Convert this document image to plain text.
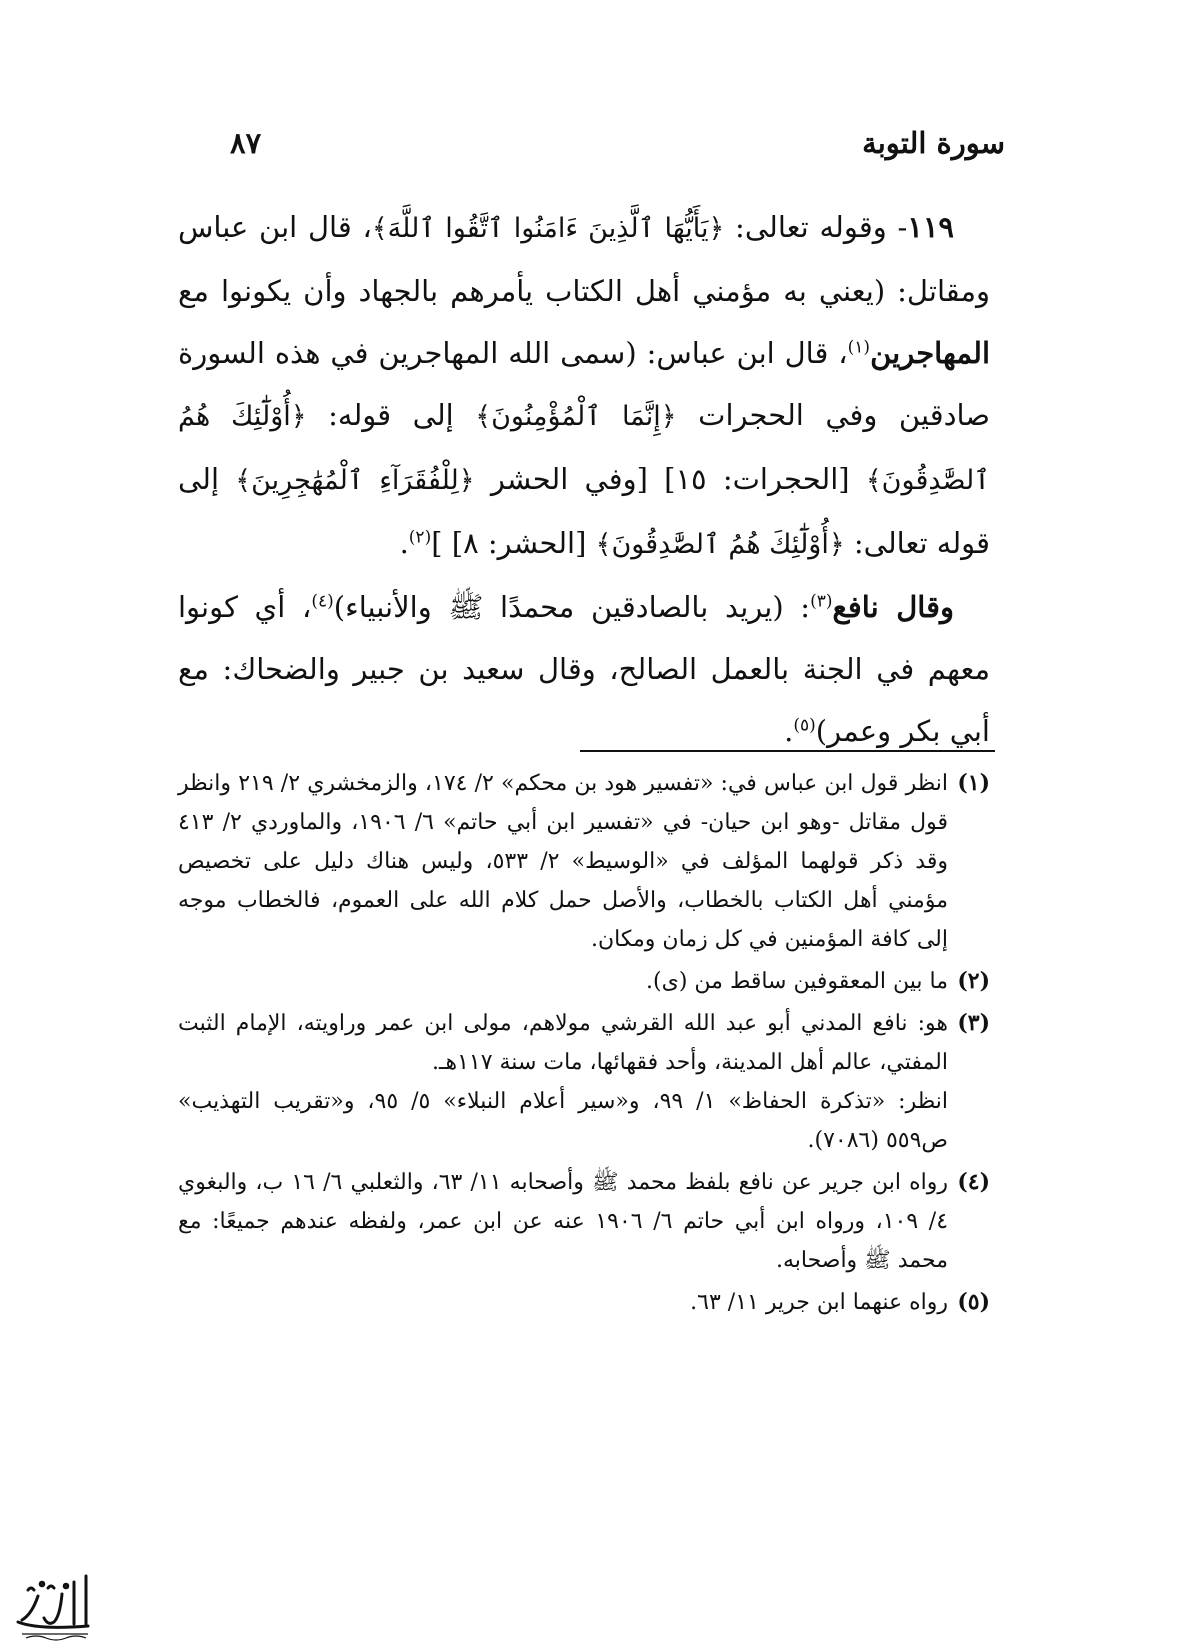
سورة التوبة
٨٧

١١٩- وقوله تعالى: ﴿يَأَيُّهَا ٱلَّذِينَ ءَامَنُوا ٱتَّقُوا ٱللَّهَ﴾، قال ابن عباس ومقاتل: (يعني به مؤمني أهل الكتاب يأمرهم بالجهاد وأن يكونوا مع المهاجرين$^{(١)}$، قال ابن عباس: (سمى الله المهاجرين في هذه السورة صادقين وفي الحجرات ﴿إِنَّمَا ٱلْمُؤْمِنُونَ﴾ إلى قوله: ﴿أُوْلَٰٓئِكَ هُمُ ٱلصَّٰدِقُونَ﴾ [الحجرات: ١٥] [وفي الحشر ﴿لِلْفُقَرَآءِ ٱلْمُهَٰجِرِينَ﴾ إلى قوله تعالى: ﴿أُوْلَٰٓئِكَ هُمُ ٱلصَّٰدِقُونَ﴾ [الحشر: ٨] ]$^{(٢)}$.

وقال نافع$^{(٣)}$: (يريد بالصادقين محمدًا ﷺ والأنبياء)$^{(٤)}$، أي كونوا معهم في الجنة بالعمل الصالح، وقال سعيد بن جبير والضحاك: مع أبي بكر وعمر)$^{(٥)}$.

(١)

انظر قول ابن عباس في: «تفسير هود بن محكم» ٢/ ١٧٤، والزمخشري ٢/ ٢١٩ وانظر قول مقاتل -وهو ابن حيان- في «تفسير ابن أبي حاتم» ٦/ ١٩٠٦، والماوردي ٢/ ٤١٣ وقد ذكر قولهما المؤلف في «الوسيط» ٢/ ٥٣٣، وليس هناك دليل على تخصيص مؤمني أهل الكتاب بالخطاب، والأصل حمل كلام الله على العموم، فالخطاب موجه إلى كافة المؤمنين في كل زمان ومكان.

(٢)

ما بين المعقوفين ساقط من (ى).

(٣)

هو: نافع المدني أبو عبد الله القرشي مولاهم، مولى ابن عمر وراويته، الإمام الثبت المفتي، عالم أهل المدينة، وأحد فقهائها، مات سنة ١١٧هـ.

انظر: «تذكرة الحفاظ» ١/ ٩٩، و«سير أعلام النبلاء» ٥/ ٩٥، و«تقريب التهذيب» ص٥٥٩ (٧٠٨٦).

(٤)

رواه ابن جرير عن نافع بلفظ محمد ﷺ وأصحابه ١١/ ٦٣، والثعلبي ٦/ ١٦ ب، والبغوي ٤/ ١٠٩، ورواه ابن أبي حاتم ٦/ ١٩٠٦ عنه عن ابن عمر، ولفظه عندهم جميعًا: مع محمد ﷺ وأصحابه.

(٥)

رواه عنهما ابن جرير ١١/ ٦٣.
